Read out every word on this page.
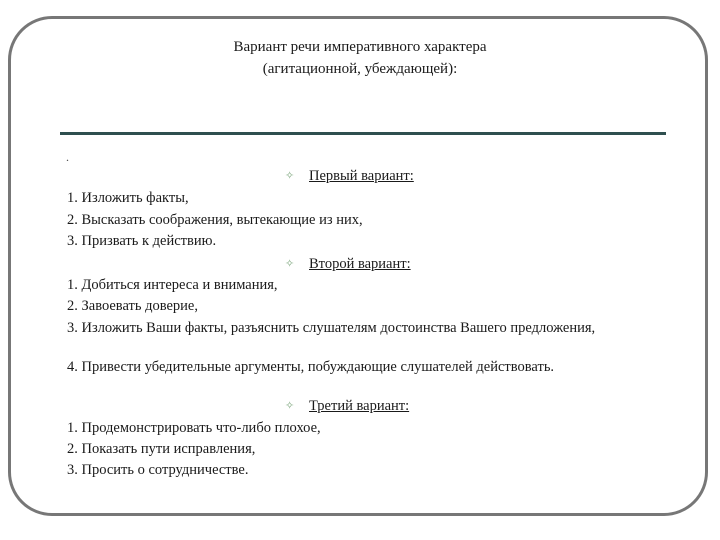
Вариант речи императивного характера
(агитационной, убеждающей):
.
✧ Первый вариант:
1. Изложить факты,
2. Высказать соображения, вытекающие из них,
3. Призвать к действию.
✧ Второй вариант:
1. Добиться интереса и внимания,
2. Завоевать доверие,
3. Изложить Ваши факты, разъяснить слушателям достоинства Вашего предложения,
4. Привести убедительные аргументы, побуждающие слушателей действовать.
✧ Третий вариант:
1. Продемонстрировать что-либо плохое,
2. Показать пути исправления,
3. Просить о сотрудничестве.
